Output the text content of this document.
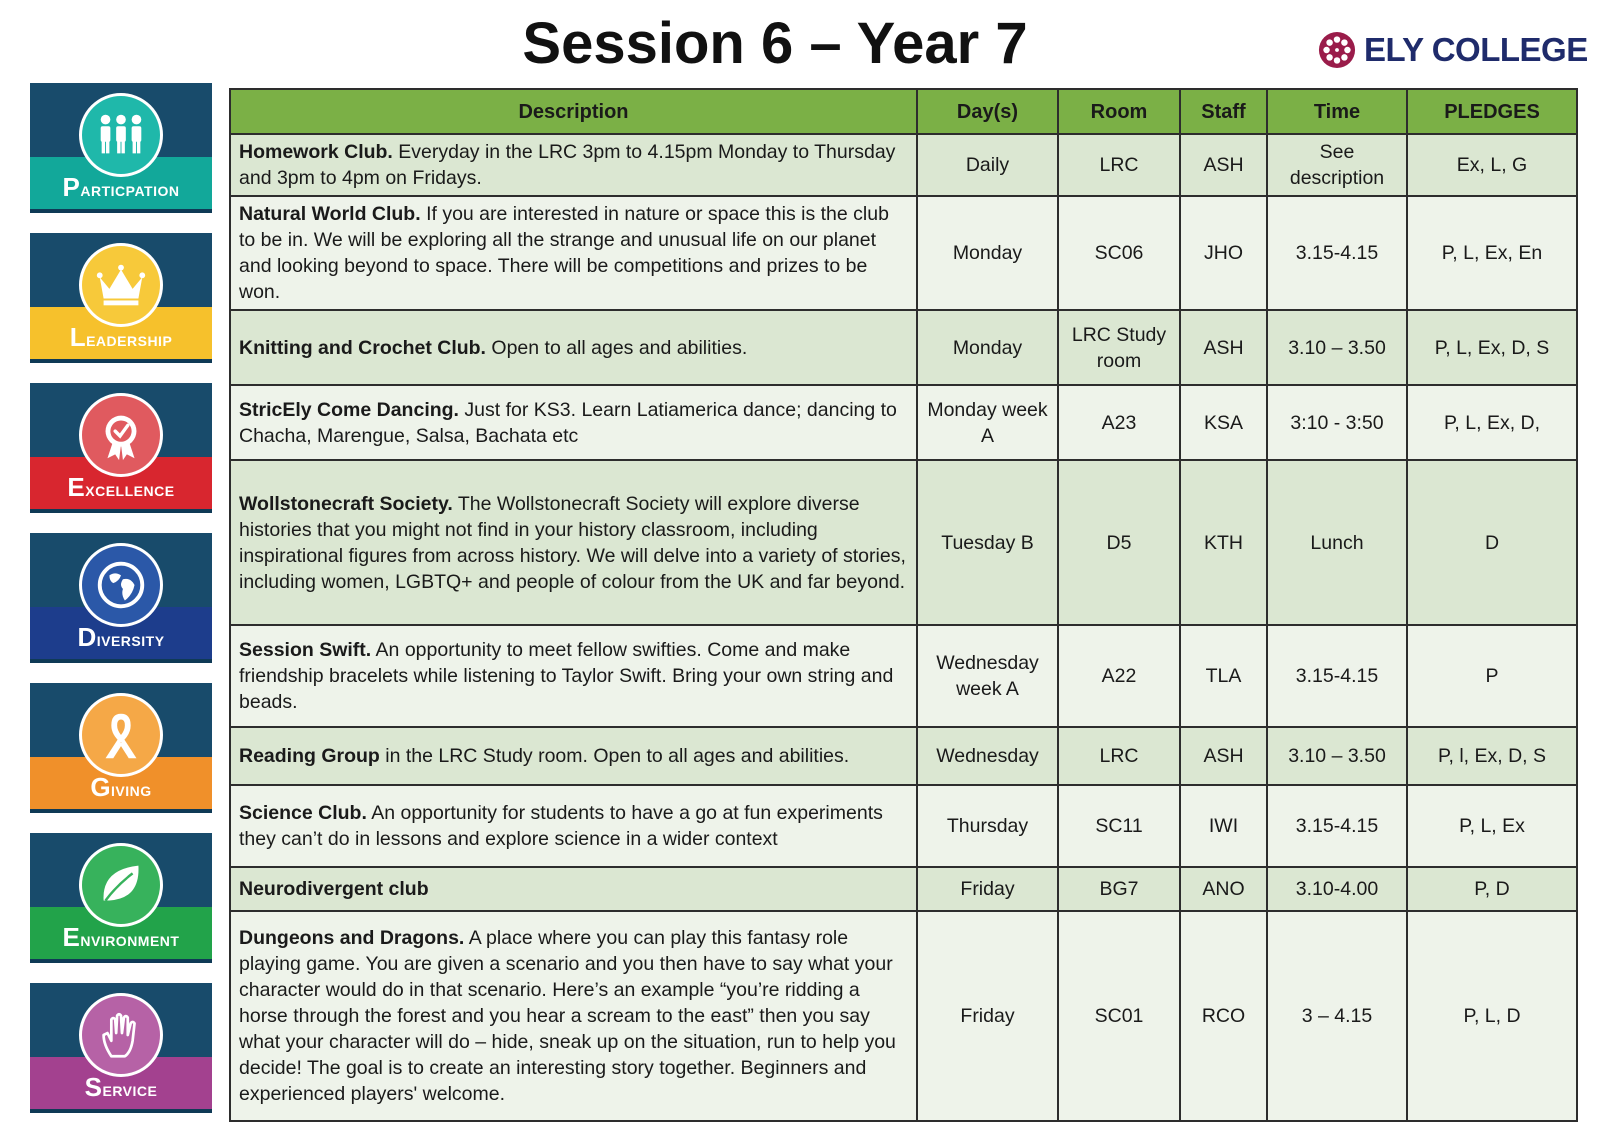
Session 6 – Year 7	ELY COLLEGE
Particpation
Leadership
Excellence
Diversity
Giving
Environment
Service
Description	Day(s)	Room	Staff	Time	PLEDGES
Homework Club. Everyday in the LRC 3pm to 4.15pm Monday to Thursday and 3pm to 4pm on Fridays.	Daily	LRC	ASH	See description	Ex, L, G
Natural World Club. If you are interested in nature or space this is the club to be in. We will be exploring all the strange and unusual life on our planet and looking beyond to space. There will be competitions and prizes to be won.	Monday	SC06	JHO	3.15-4.15	P, L, Ex, En
Knitting and Crochet Club. Open to all ages and abilities.	Monday	LRC Study room	ASH	3.10 – 3.50	P, L, Ex, D, S
StricEly Come Dancing. Just for KS3. Learn Latiamerica dance; dancing to Chacha, Marengue, Salsa, Bachata etc	Monday week A	A23	KSA	3:10 - 3:50	P, L, Ex, D,
Wollstonecraft Society. The Wollstonecraft Society will explore diverse histories that you might not find in your history classroom, including inspirational figures from across history. We will delve into a variety of stories, including women, LGBTQ+ and people of colour from the UK and far beyond.	Tuesday B	D5	KTH	Lunch	D
Session Swift. An opportunity to meet fellow swifties. Come and make friendship bracelets while listening to Taylor Swift. Bring your own string and beads.	Wednesday week A	A22	TLA	3.15-4.15	P
Reading Group in the LRC Study room. Open to all ages and abilities.	Wednesday	LRC	ASH	3.10 – 3.50	P, l, Ex, D, S
Science Club. An opportunity for students to have a go at fun experiments they can’t do in lessons and explore science in a wider context	Thursday	SC11	IWI	3.15-4.15	P, L, Ex
Neurodivergent club	Friday	BG7	ANO	3.10-4.00	P, D
Dungeons and Dragons. A place where you can play this fantasy role playing game. You are given a scenario and you then have to say what your character would do in that scenario. Here’s an example “you’re ridding a horse through the forest and you hear a scream to the east” then you say what your character will do – hide, sneak up on the situation, run to help you decide! The goal is to create an interesting story together. Beginners and experienced players' welcome.	Friday	SC01	RCO	3 – 4.15	P, L, D
